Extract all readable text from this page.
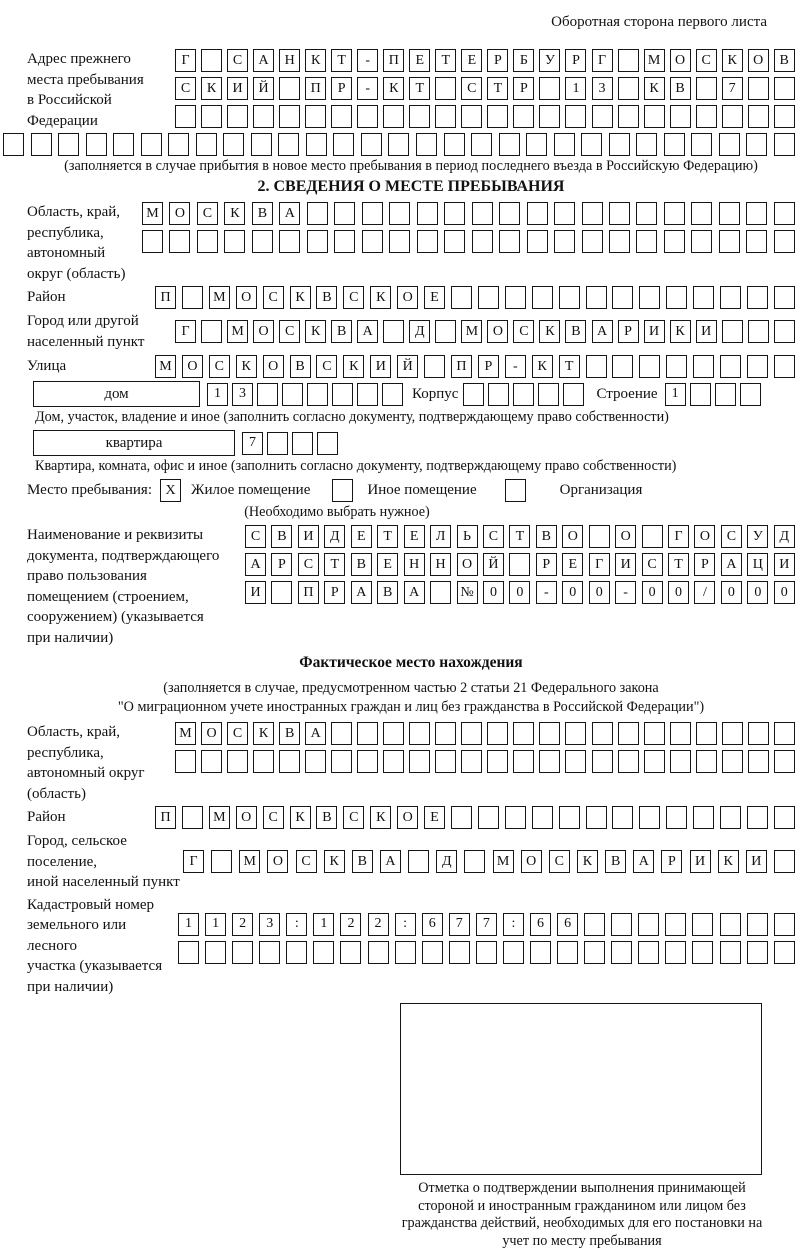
Оборотная сторона первого листа
Адрес прежнего
места пребывания
в Российской
Федерации
Г	С	А	Н	К	Т	-	П	Е	Т	Е	Р	Б	У	Р	Г	М	О	С	К	О	В
С	К	И	Й	П	Р	-	К	Т	С	Т	Р	1	3	К	В	7
(заполняется в случае прибытия в новое место пребывания в период последнего въезда в Российскую Федерацию)
2. СВЕДЕНИЯ О МЕСТЕ ПРЕБЫВАНИЯ
Область, край,
республика,
автономный
округ (область)
М	О	С	К	В	А
Район	П	М	О	С	К	В	С	К	О	Е
Город или другой
населенный пункт
Г	М	О	С	К	В	А	Д	М	О	С	К	В	А	Р	И	К	И
Улица	М	О	С	К	О	В	С	К	И	Й	П	Р	-	К	Т
дом	1	3	Корпус	Строение	1
Дом, участок, владение и иное (заполнить согласно документу, подтверждающему право собственности)
квартира	7
Квартира, комната, офис и иное (заполнить согласно документу, подтверждающему право собственности)
Место пребывания: X	Жилое помещение	Иное помещение	Организация
(Необходимо выбрать нужное)
Наименование и реквизиты
документа, подтверждающего
право пользования
помещением (строением,
сооружением) (указывается
при наличии)
С	В	И	Д	Е	Т	Е	Л	Ь	С	Т	В	О	О	Г	О	С	У	Д
А	Р	С	Т	В	Е	Н	Н	О	Й	Р	Е	Г	И	С	Т	Р	А	Ц	И
И	П	Р	А	В	А	№	0	0	-	0	0	-	0	0	/	0	0	0
Фактическое место нахождения
(заполняется в случае, предусмотренном частью 2 статьи 21 Федерального закона
"О миграционном учете иностранных граждан и лиц без гражданства в Российской Федерации")
Область, край,
республика,
автономный округ
(область)
М	О	С	К	В	А
Район	П	М	О	С	К	В	С	К	О	Е
Город, сельское поселение,
иной населенный пункт
Г	М	О	С	К	В	А	Д	М	О	С	К	В	А	Р	И	К	И
Кадастровый номер
земельного или лесного
участка (указывается
при наличии)
1	1	2	3	:	1	2	2	:	6	7	7	:	6	6
Отметка о подтверждении выполнения принимающей стороной и иностранным гражданином или лицом без гражданства действий, необходимых для его постановки на учет по месту пребывания
